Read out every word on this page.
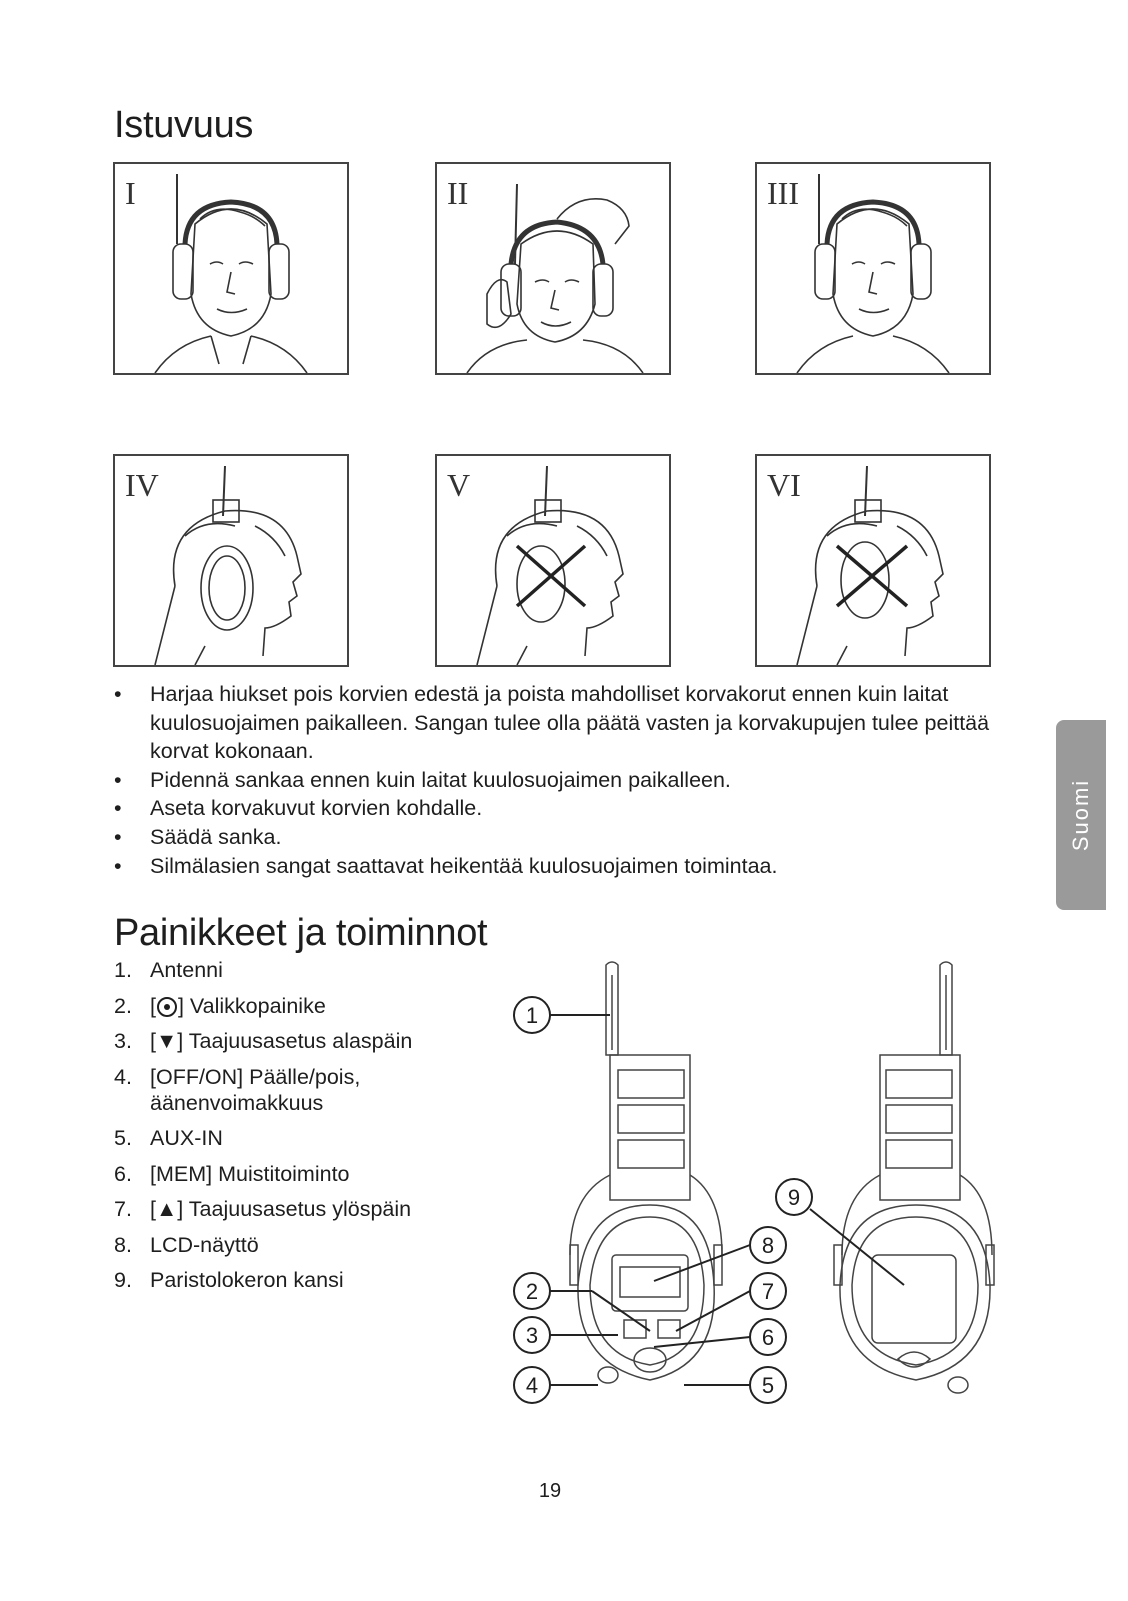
Istuvuus
I	II	III
IV	V	VI
• Harjaa hiukset pois korvien edestä ja poista mahdolliset korvakorut ennen kuin laitat kuulosuojaimen paikalleen. Sangan tulee olla päätä vasten ja korvakupujen tulee peittää korvat kokonaan.
• Pidennä sankaa ennen kuin laitat kuulosuojaimen paikalleen.
• Aseta korvakuvut korvien kohdalle.
• Säädä sanka.
• Silmälasien sangat saattavat heikentää kuulosuojaimen toimintaa.
Painikkeet ja toiminnot
1. Antenni
2. [ ] Valikkopainike
3. [▼] Taajuusasetus alaspäin
4. [OFF/ON] Päälle/pois, äänenvoimakkuus
5. AUX-IN
6. [MEM] Muistitoiminto
7. [▲] Taajuusasetus ylöspäin
8. LCD-näyttö
9. Paristolokeron kansi
1
2
3
4	5
6
7
8
9
Suomi
19
